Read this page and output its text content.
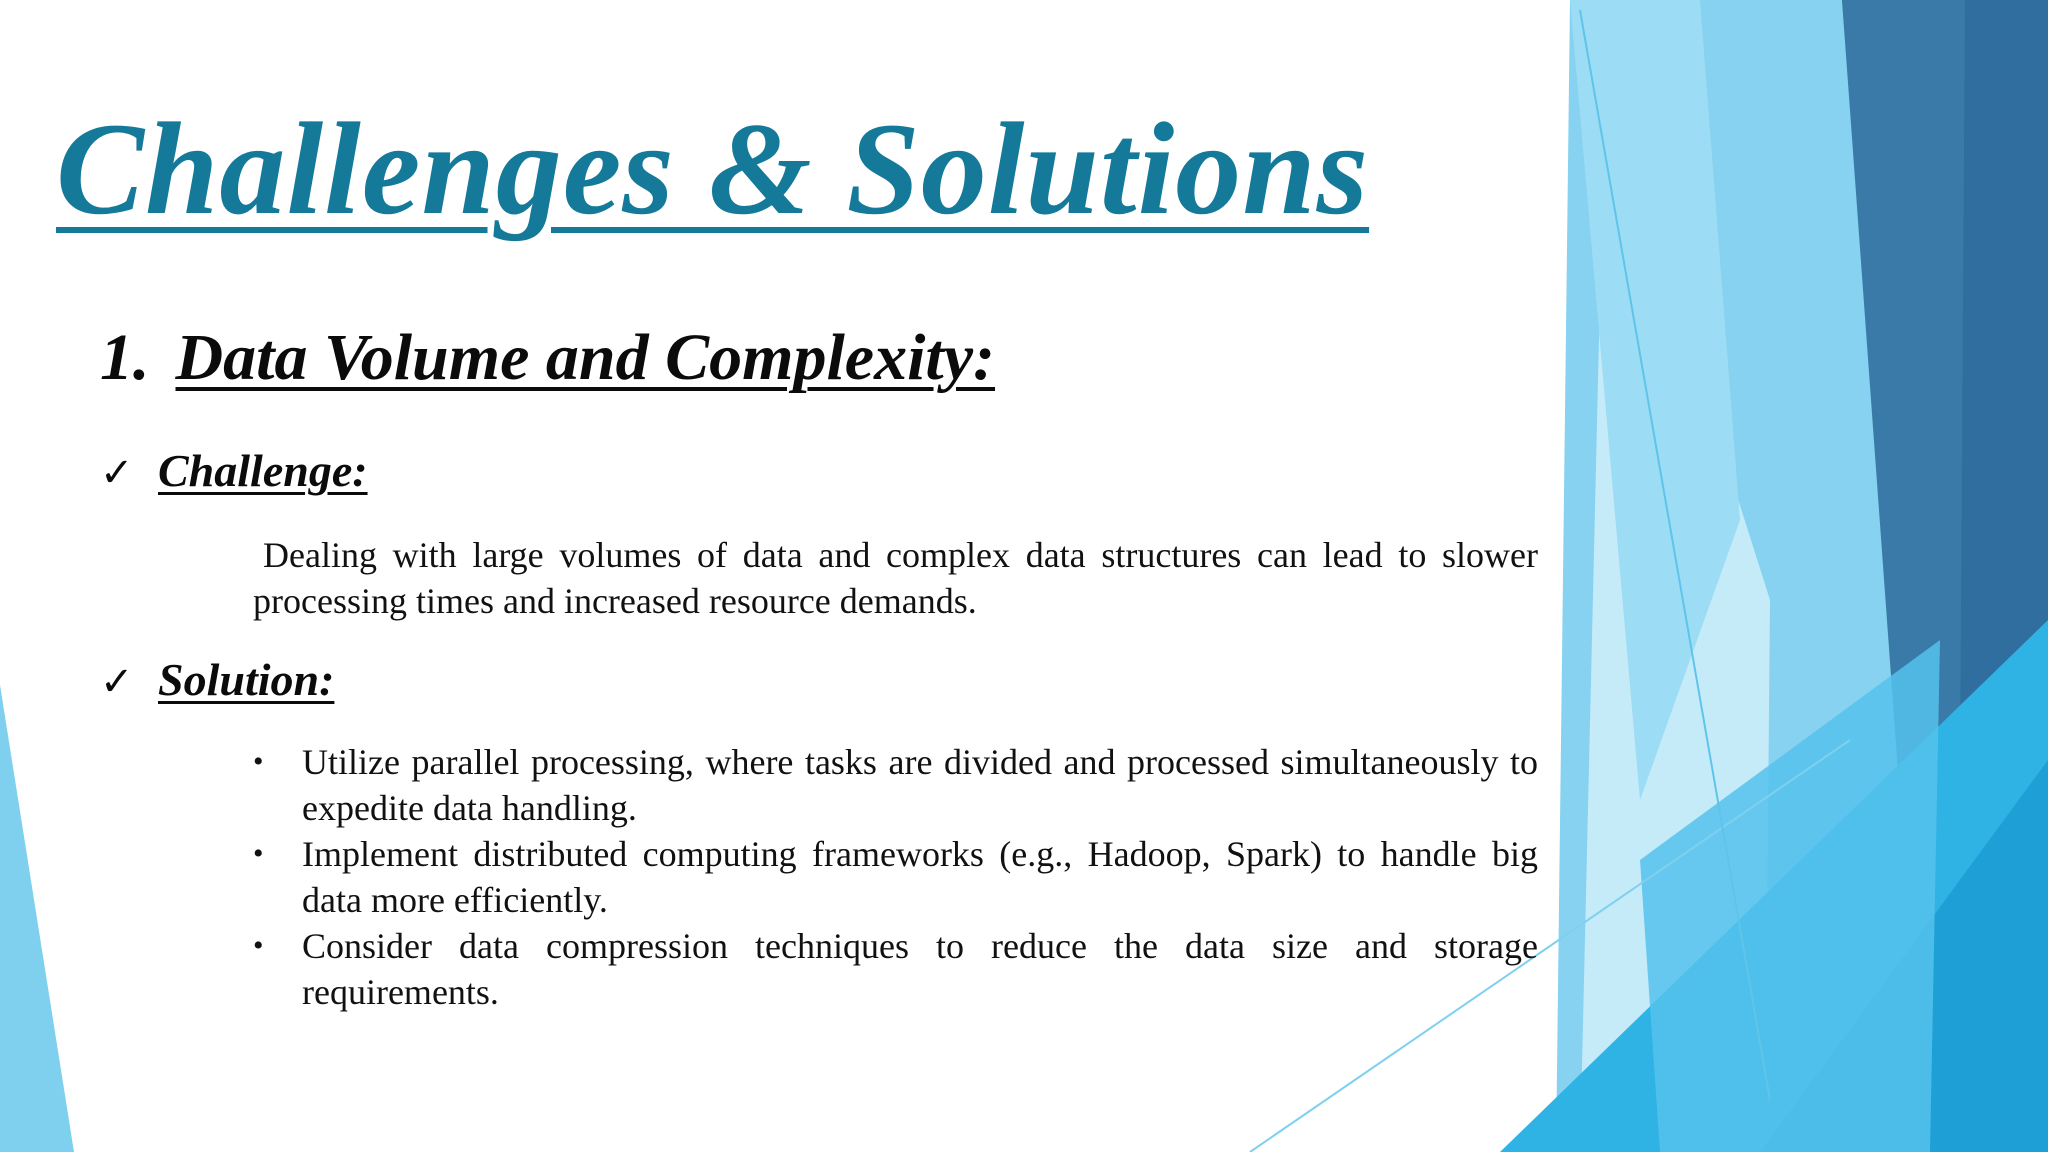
Challenges & Solutions
1. Data Volume and Complexity:
✓ Challenge:

Dealing with large volumes of data and complex data structures can lead to slower processing times and increased resource demands.

✓ Solution:
• Utilize parallel processing, where tasks are divided and processed simultaneously to expedite data handling.
• Implement distributed computing frameworks (e.g., Hadoop, Spark) to handle big data more efficiently.
• Consider data compression techniques to reduce the data size and storage requirements.
